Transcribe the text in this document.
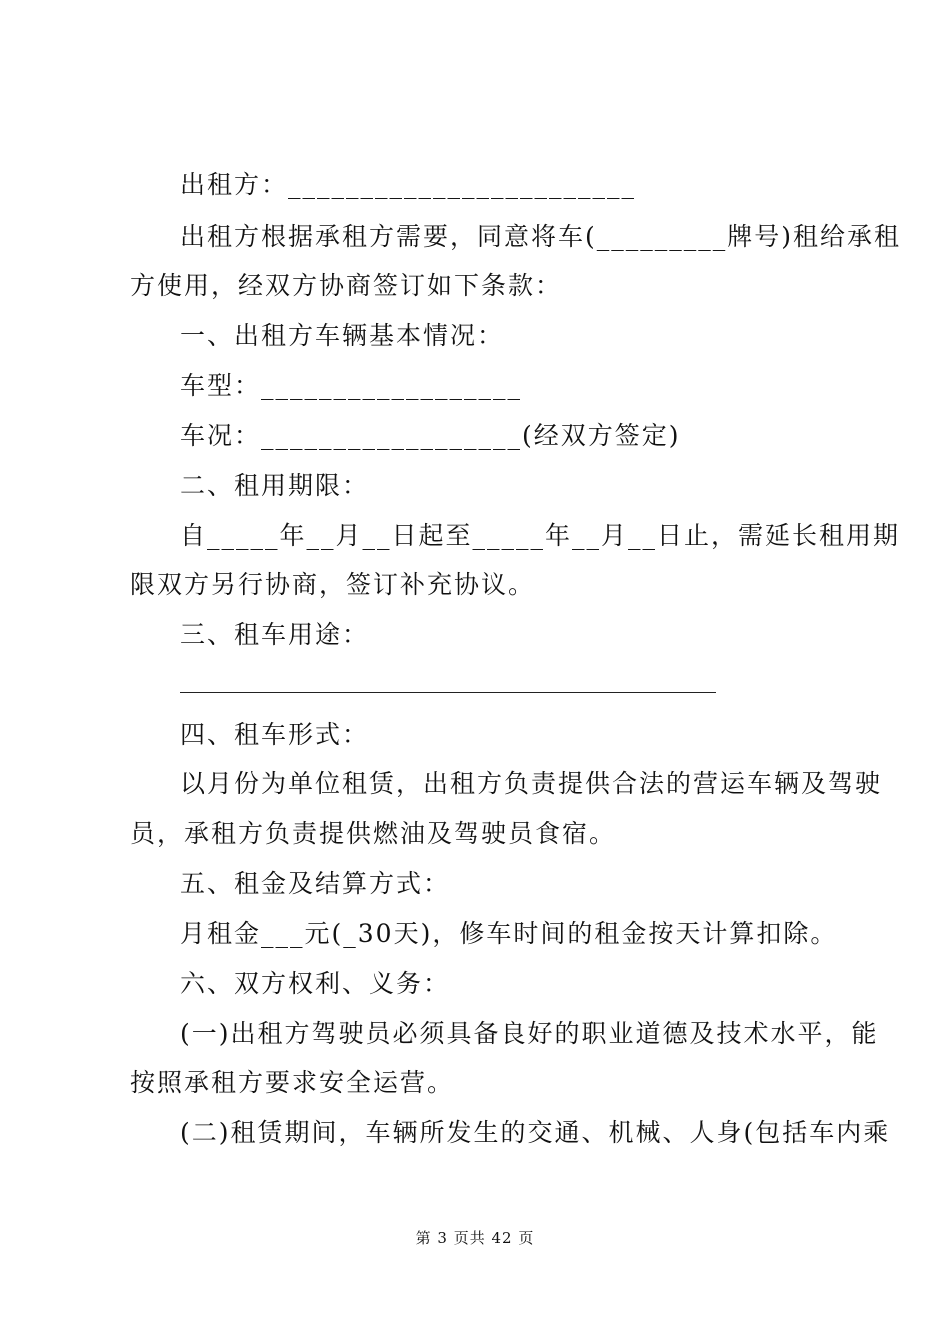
出租方：________________________
出租方根据承租方需要，同意将车(_________牌号)租给承租
方使用，经双方协商签订如下条款：
一、出租方车辆基本情况：
车型：__________________
车况：__________________(经双方签定)
二、租用期限：
自_____年__月__日起至_____年__月__日止，需延长租用期
限双方另行协商，签订补充协议。
三、租车用途：
四、租车形式：
以月份为单位租赁，出租方负责提供合法的营运车辆及驾驶
员，承租方负责提供燃油及驾驶员食宿。
五、租金及结算方式：
月租金___元(_30天)，修车时间的租金按天计算扣除。
六、双方权利、义务：
(一)出租方驾驶员必须具备良好的职业道德及技术水平，能
按照承租方要求安全运营。
(二)租赁期间，车辆所发生的交通、机械、人身(包括车内乘
第 3 页共 42 页
